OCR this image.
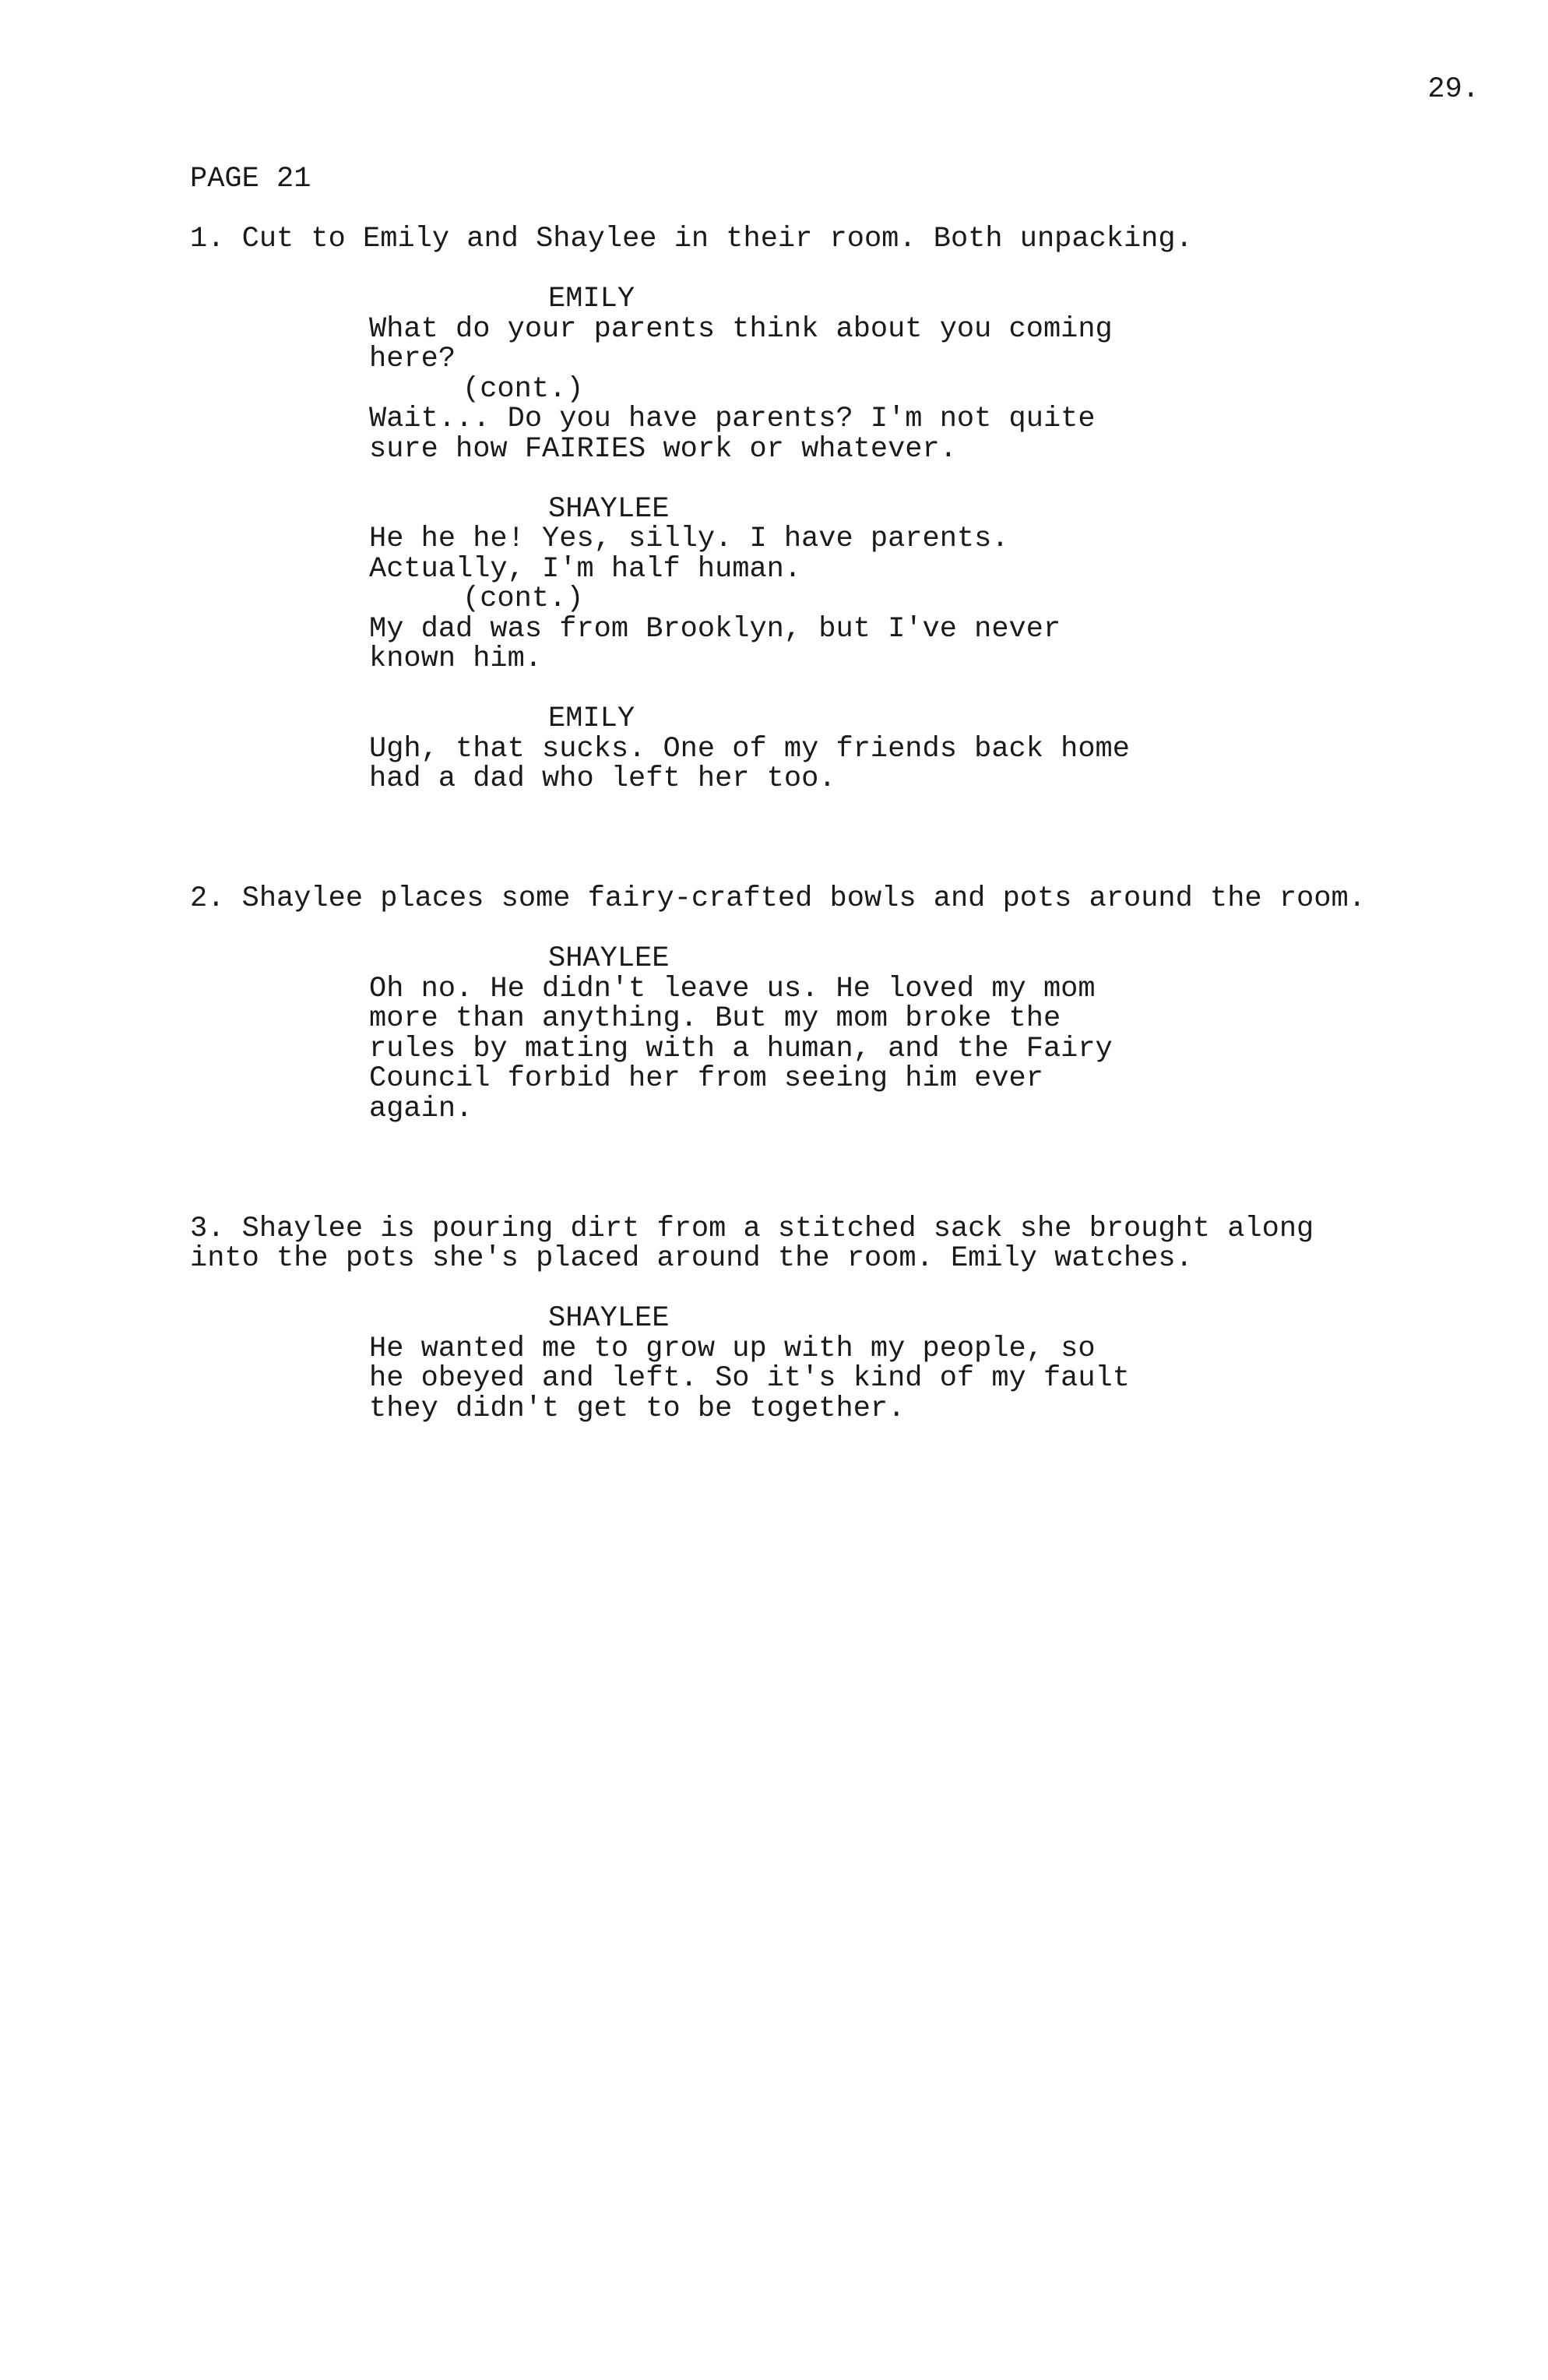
29.
PAGE 21
1. Cut to Emily and Shaylee in their room. Both unpacking.
EMILY
What do your parents think about you coming
here?
(cont.)
Wait... Do you have parents? I'm not quite
sure how FAIRIES work or whatever.
SHAYLEE
He he he! Yes, silly. I have parents.
Actually, I'm half human.
(cont.)
My dad was from Brooklyn, but I've never
known him.
EMILY
Ugh, that sucks. One of my friends back home
had a dad who left her too.
2. Shaylee places some fairy-crafted bowls and pots around the room.
SHAYLEE
Oh no. He didn't leave us. He loved my mom
more than anything. But my mom broke the
rules by mating with a human, and the Fairy
Council forbid her from seeing him ever
again.
3. Shaylee is pouring dirt from a stitched sack she brought along
into the pots she's placed around the room. Emily watches.
SHAYLEE
He wanted me to grow up with my people, so
he obeyed and left. So it's kind of my fault
they didn't get to be together.
